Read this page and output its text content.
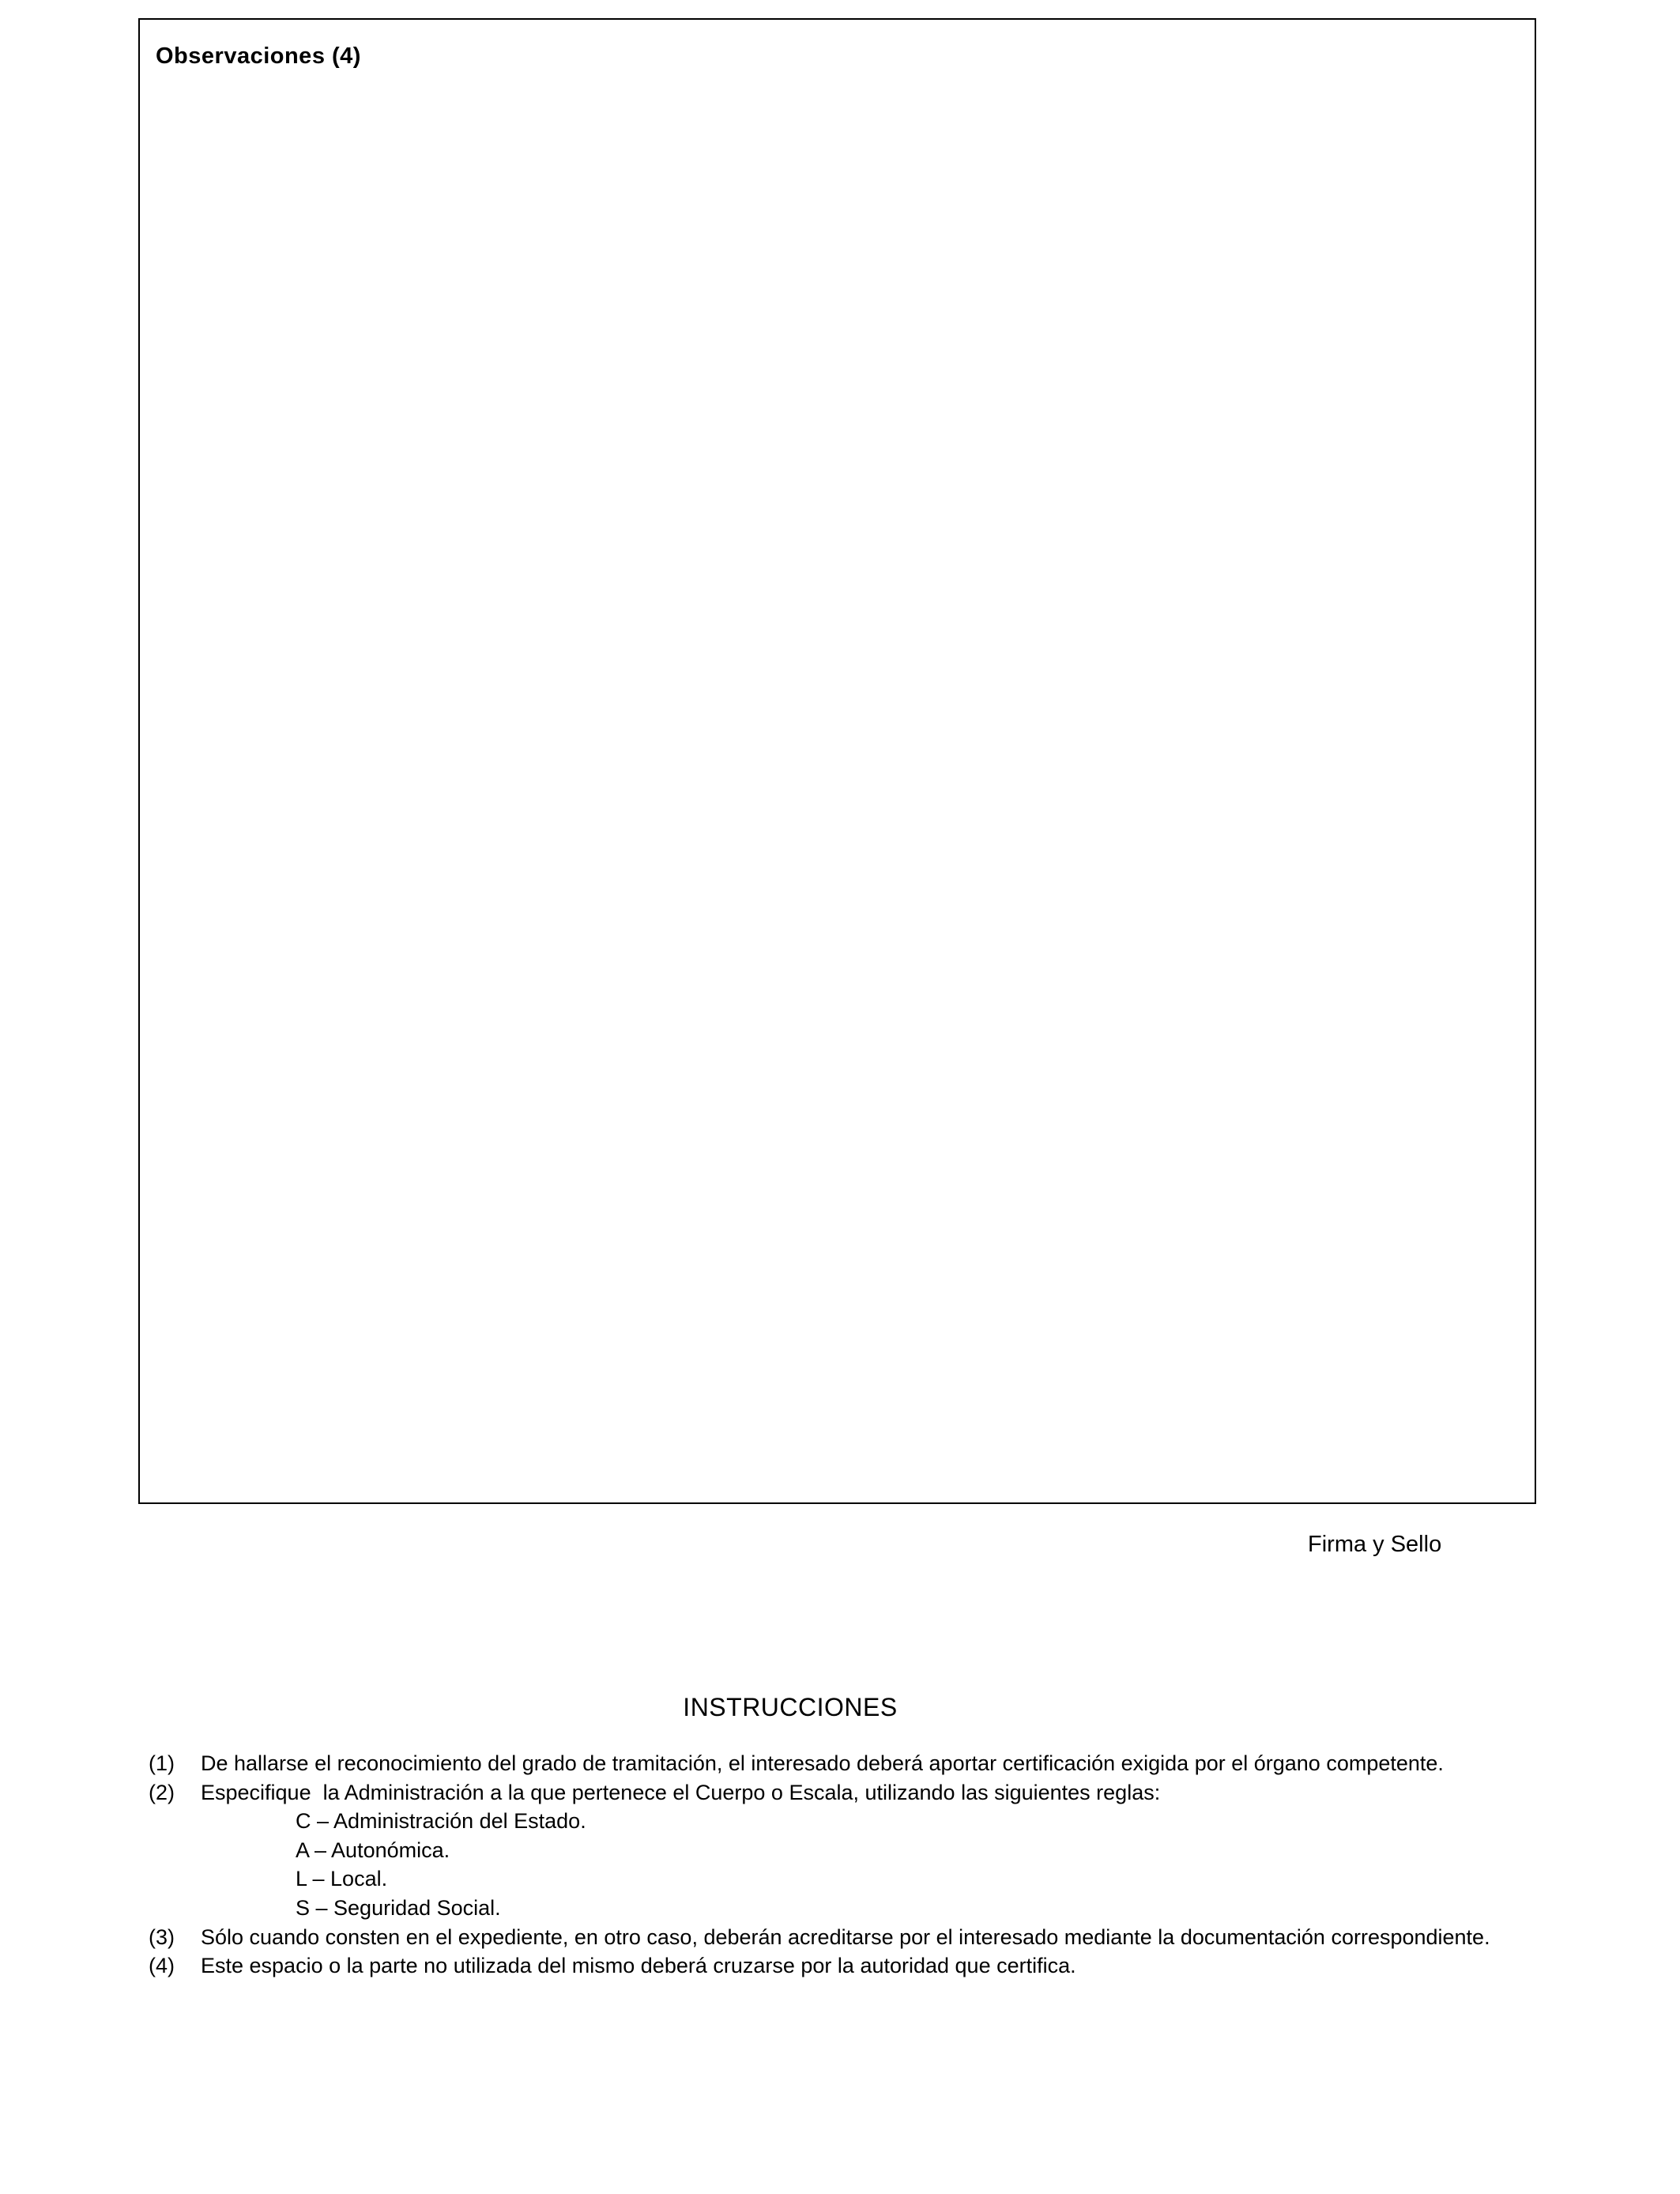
Observaciones (4)
Firma y Sello
INSTRUCCIONES
(1)	De hallarse el reconocimiento del grado de tramitación, el interesado deberá aportar certificación exigida por el órgano competente.
(2)	Especifique  la Administración a la que pertenece el Cuerpo o Escala, utilizando las siguientes reglas:
C – Administración del Estado.
A – Autonómica.
L – Local.
S – Seguridad Social.
(3)	Sólo cuando consten en el expediente, en otro caso, deberán acreditarse por el interesado mediante la documentación correspondiente.
(4)	Este espacio o la parte no utilizada del mismo deberá cruzarse por la autoridad que certifica.
